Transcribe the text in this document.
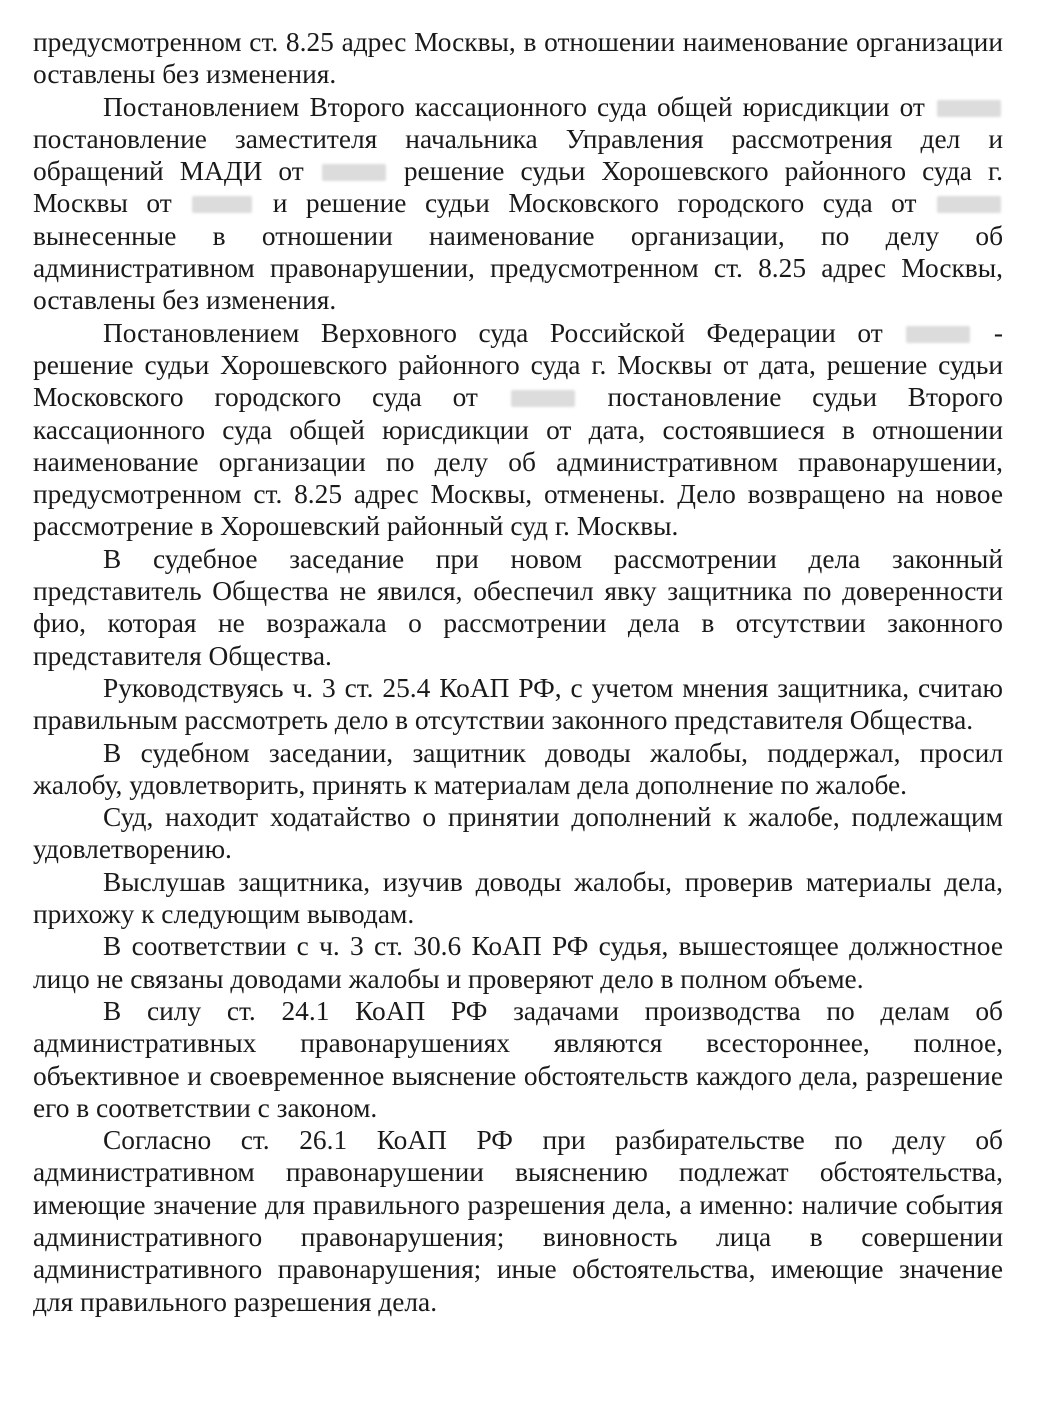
предусмотренном ст. 8.25 адрес Москвы, в отношении наименование организации оставлены без изменения.

Постановлением Второго кассационного суда общей юрисдикции от  постановление заместителя начальника Управления рассмотрения дел и обращений МАДИ от	решение судьи Хорошевского районного суда г. Москвы от	и решение судьи Московского городского суда от  вынесенные в отношении наименование организации, по делу об административном правонарушении, предусмотренном ст. 8.25 адрес Москвы, оставлены без изменения.

Постановлением Верховного суда Российской Федерации от	- решение судьи Хорошевского районного суда г. Москвы от дата, решение судьи Московского городского суда от	постановление судьи Второго кассационного суда общей юрисдикции от дата, состоявшиеся в отношении наименование организации по делу об административном правонарушении, предусмотренном ст. 8.25 адрес Москвы, отменены. Дело возвращено на новое рассмотрение в Хорошевский районный суд г. Москвы.

В судебное заседание при новом рассмотрении дела законный представитель Общества не явился, обеспечил явку защитника по доверенности фио, которая не возражала о рассмотрении дела в отсутствии законного представителя Общества.

Руководствуясь ч. 3 ст. 25.4 КоАП РФ, с учетом мнения защитника, считаю правильным рассмотреть дело в отсутствии законного представителя Общества.

В судебном заседании, защитник доводы жалобы, поддержал, просил жалобу, удовлетворить, принять к материалам дела дополнение по жалобе.

Суд, находит ходатайство о принятии дополнений к жалобе, подлежащим удовлетворению.

Выслушав защитника, изучив доводы жалобы, проверив материалы дела, прихожу к следующим выводам.

В соответствии с ч. 3 ст. 30.6 КоАП РФ судья, вышестоящее должностное лицо не связаны доводами жалобы и проверяют дело в полном объеме.

В силу ст. 24.1 КоАП РФ задачами производства по делам об административных правонарушениях являются всестороннее, полное, объективное и своевременное выяснение обстоятельств каждого дела, разрешение его в соответствии с законом.

Согласно ст. 26.1 КоАП РФ при разбирательстве по делу об административном правонарушении выяснению подлежат обстоятельства, имеющие значение для правильного разрешения дела, а именно: наличие события административного правонарушения; виновность лица в совершении административного правонарушения; иные обстоятельства, имеющие значение для правильного разрешения дела.
